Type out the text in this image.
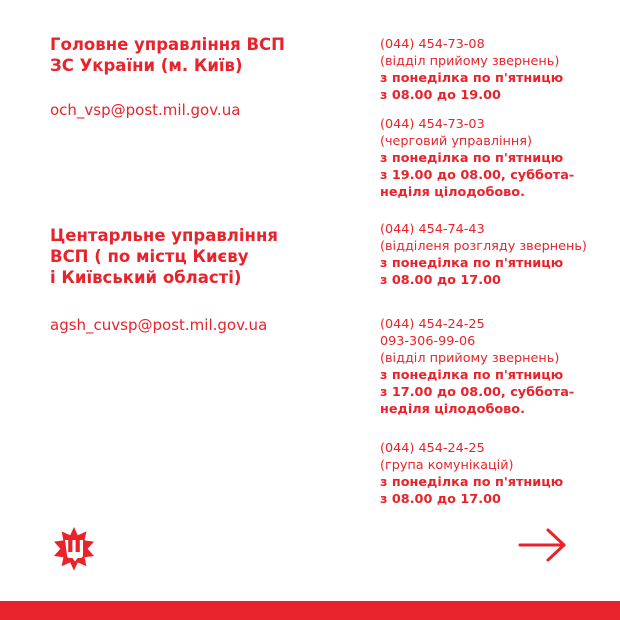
Головне управління ВСП
ЗС України (м. Київ)
och_vsp@post.mil.gov.ua
Центарльне управління
ВСП ( по містц Києву
і Київський області)
agsh_cuvsp@post.mil.gov.ua
(044) 454-73-08
(відділ прийому звернень)
з понеділка по п'ятницю
з 08.00 до 19.00
(044) 454-73-03
(черговий управління)
з понеділка по п'ятницю
з 19.00 до 08.00, суббота-
неділя цілодобово.
(044) 454-74-43
(відділеня розгляду звернень)
з понеділка по п'ятницю
з 08.00 до 17.00
(044) 454-24-25
093-306-99-06
(відділ прийому звернень)
з понеділка по п'ятницю
з 17.00 до 08.00, суббота-
неділя цілодобово.
(044) 454-24-25
(група комунікацій)
з понеділка по п'ятницю
з 08.00 до 17.00
